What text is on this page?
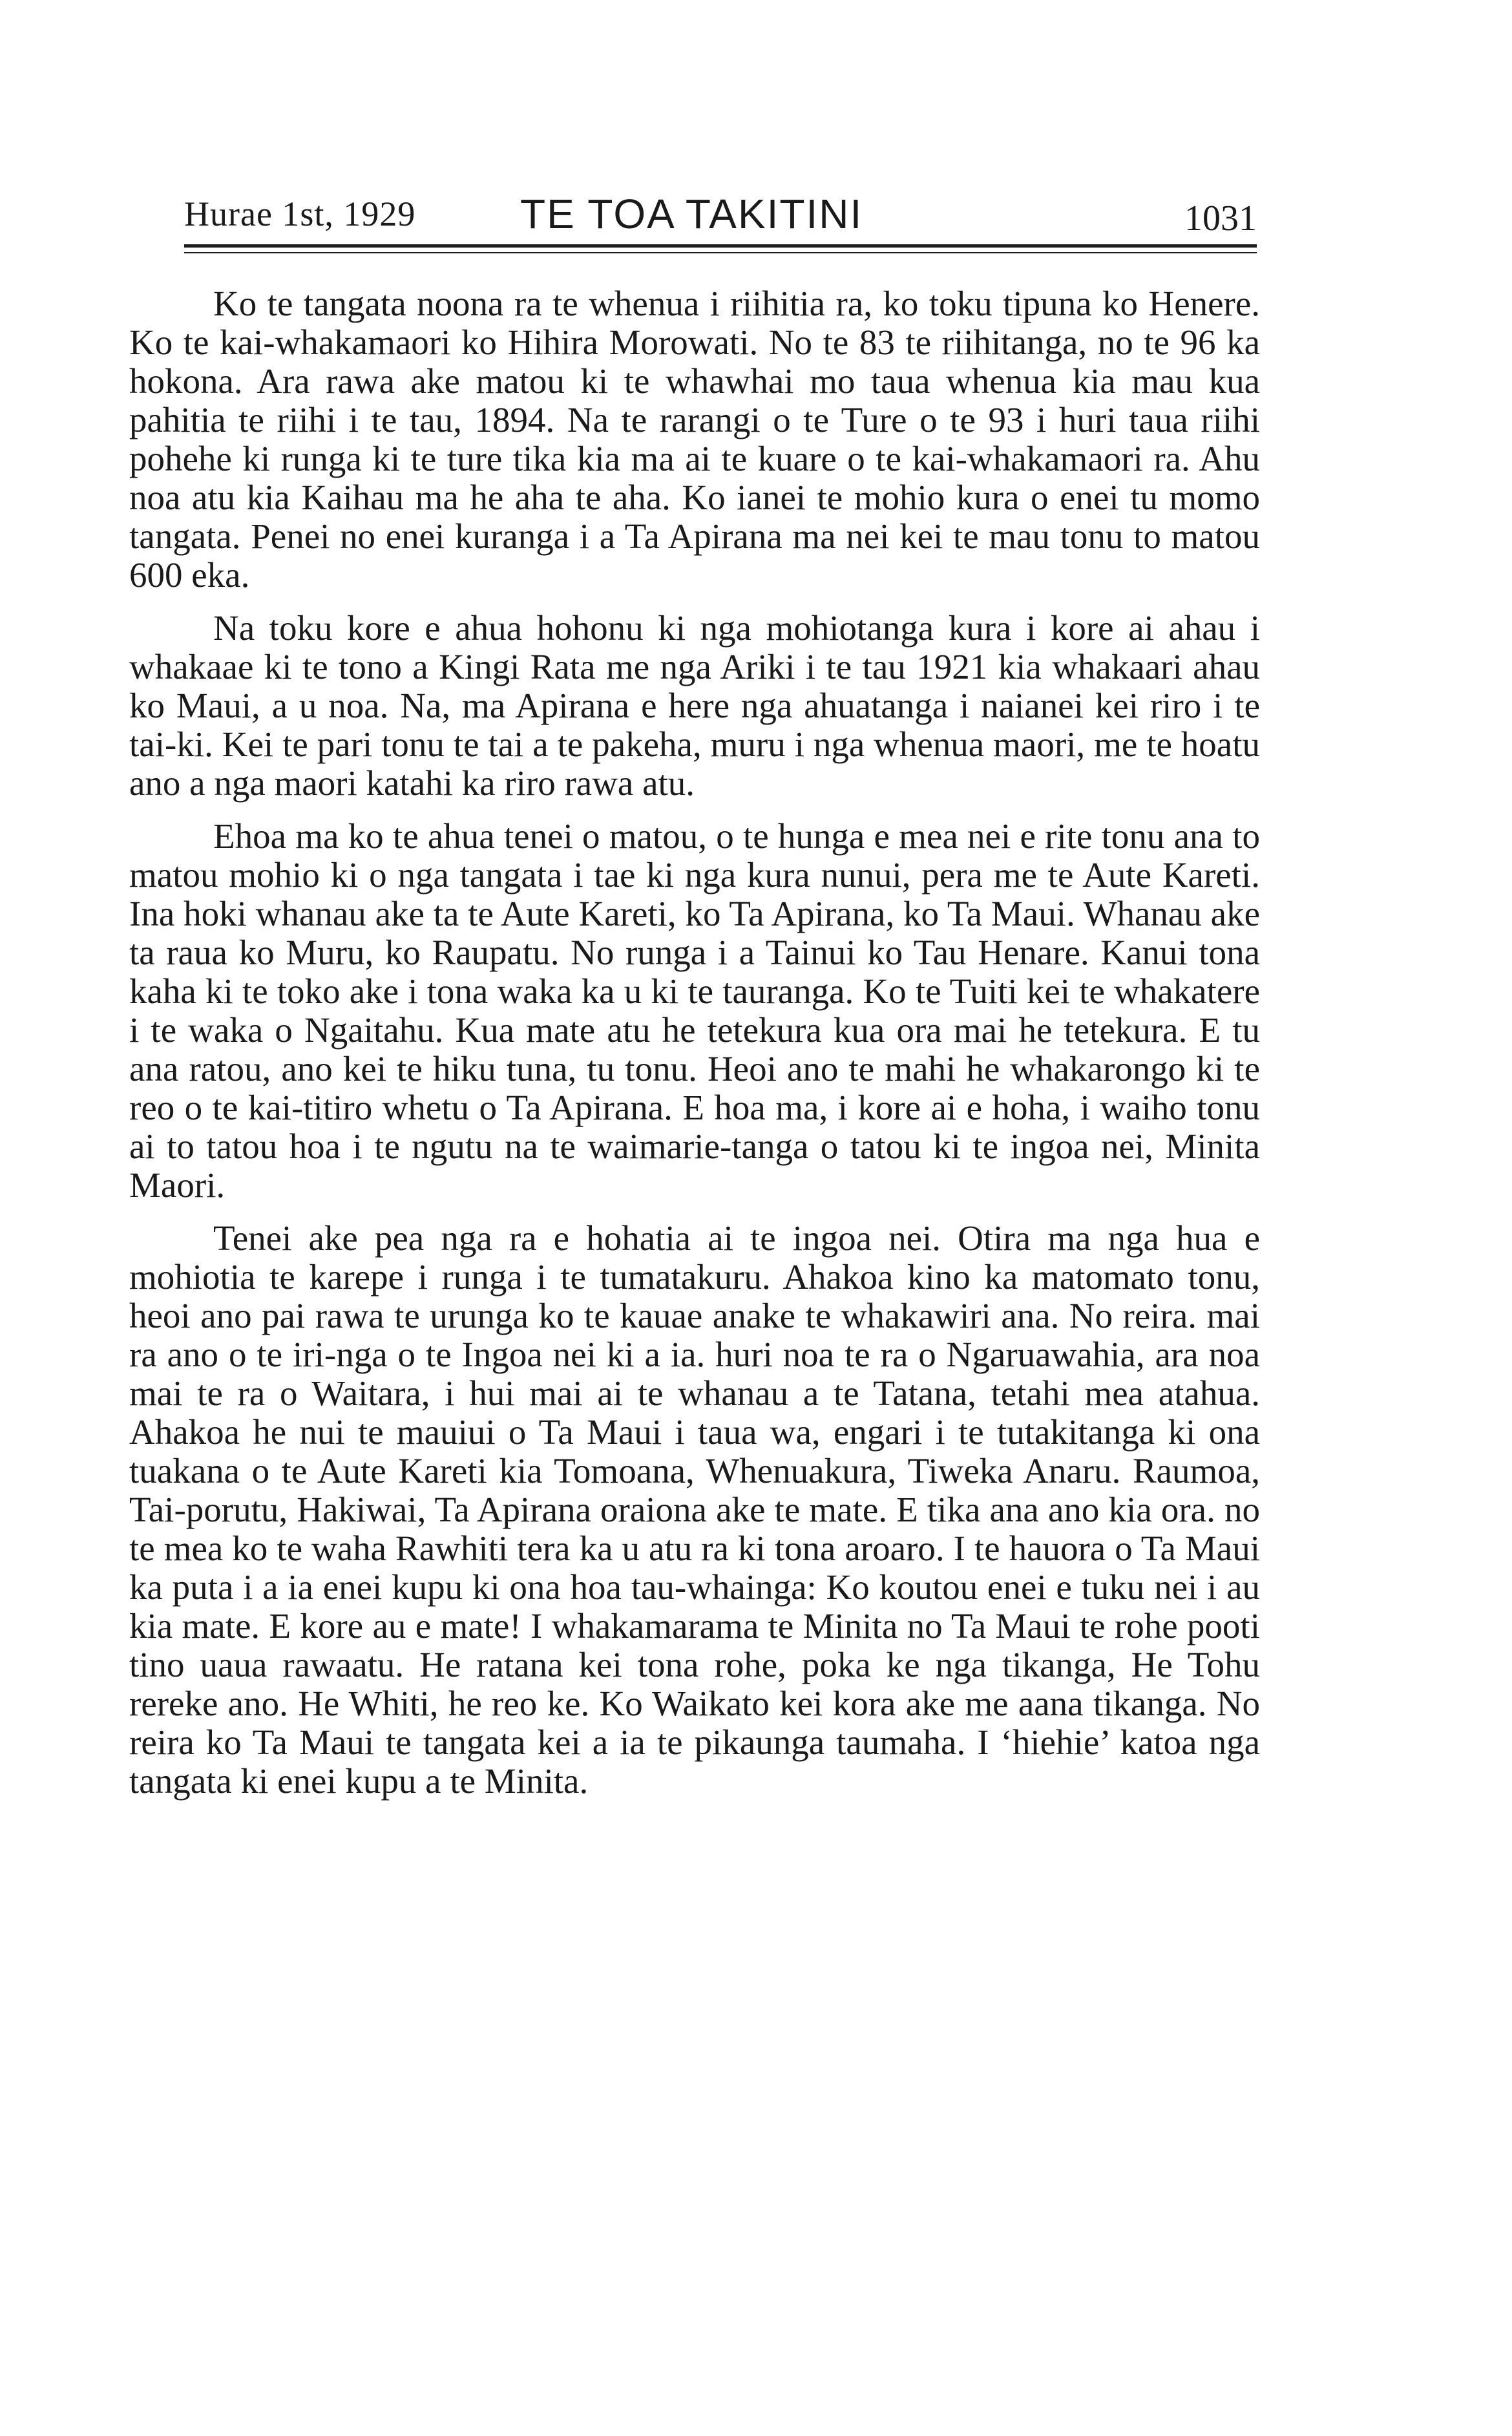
Hurae 1st, 1929	TE TOA TAKITINI	1031

Ko te tangata noona ra te whenua i riihitia ra, ko toku tipuna ko Henere. Ko te kai-whakamaori ko Hihira Morowati. No te 83 te riihitanga, no te 96 ka hokona. Ara rawa ake matou ki te whawhai mo taua whenua kia mau kua pahitia te riihi i te tau, 1894. Na te rarangi o te Ture o te 93 i huri taua riihi pohehe ki runga ki te ture tika kia ma ai te kuare o te kai-whakamaori ra. Ahu noa atu kia Kaihau ma he aha te aha. Ko ianei te mohio kura o enei tu momo tangata. Penei no enei kuranga i a Ta Apirana ma nei kei te mau tonu to matou 600 eka.

Na toku kore e ahua hohonu ki nga mohiotanga kura i kore ai ahau i whakaae ki te tono a Kingi Rata me nga Ariki i te tau 1921 kia whakaari ahau ko Maui, a u noa. Na, ma Apirana e here nga ahuatanga i naianei kei riro i te tai-ki. Kei te pari tonu te tai a te pakeha, muru i nga whenua maori, me te hoatu ano a nga maori katahi ka riro rawa atu.

Ehoa ma ko te ahua tenei o matou, o te hunga e mea nei e rite tonu ana to matou mohio ki o nga tangata i tae ki nga kura nunui, pera me te Aute Kareti. Ina hoki whanau ake ta te Aute Kareti, ko Ta Apirana, ko Ta Maui. Whanau ake ta raua ko Muru, ko Raupatu. No runga i a Tainui ko Tau Henare. Kanui tona kaha ki te toko ake i tona waka ka u ki te tauranga. Ko te Tuiti kei te whakatere i te waka o Ngaitahu. Kua mate atu he tetekura kua ora mai he tetekura. E tu ana ratou, ano kei te hiku tuna, tu tonu. Heoi ano te mahi he whakarongo ki te reo o te kai-titiro whetu o Ta Apirana. E hoa ma, i kore ai e hoha, i waiho tonu ai to tatou hoa i te ngutu na te waimarie-tanga o tatou ki te ingoa nei, Minita Maori.

Tenei ake pea nga ra e hohatia ai te ingoa nei. Otira ma nga hua e mohiotia te karepe i runga i te tumatakuru. Ahakoa kino ka matomato tonu, heoi ano pai rawa te urunga ko te kauae anake te whakawiri ana. No reira. mai ra ano o te iri-nga o te Ingoa nei ki a ia. huri noa te ra o Ngaruawahia, ara noa mai te ra o Waitara, i hui mai ai te whanau a te Tatana, tetahi mea atahua. Ahakoa he nui te mauiui o Ta Maui i taua wa, engari i te tutakitanga ki ona tuakana o te Aute Kareti kia Tomoana, Whenuakura, Tiweka Anaru. Raumoa, Tai-porutu, Hakiwai, Ta Apirana oraiona ake te mate. E tika ana ano kia ora. no te mea ko te waha Rawhiti tera ka u atu ra ki tona aroaro. I te hauora o Ta Maui ka puta i a ia enei kupu ki ona hoa tau-whainga: Ko koutou enei e tuku nei i au kia mate. E kore au e mate! I whakamarama te Minita no Ta Maui te rohe pooti tino uaua rawaatu. He ratana kei tona rohe, poka ke nga tikanga, He Tohu rereke ano. He Whiti, he reo ke. Ko Waikato kei kora ake me aana tikanga. No reira ko Ta Maui te tangata kei a ia te pikaunga taumaha. I ‘hiehie’ katoa nga tangata ki enei kupu a te Minita.
